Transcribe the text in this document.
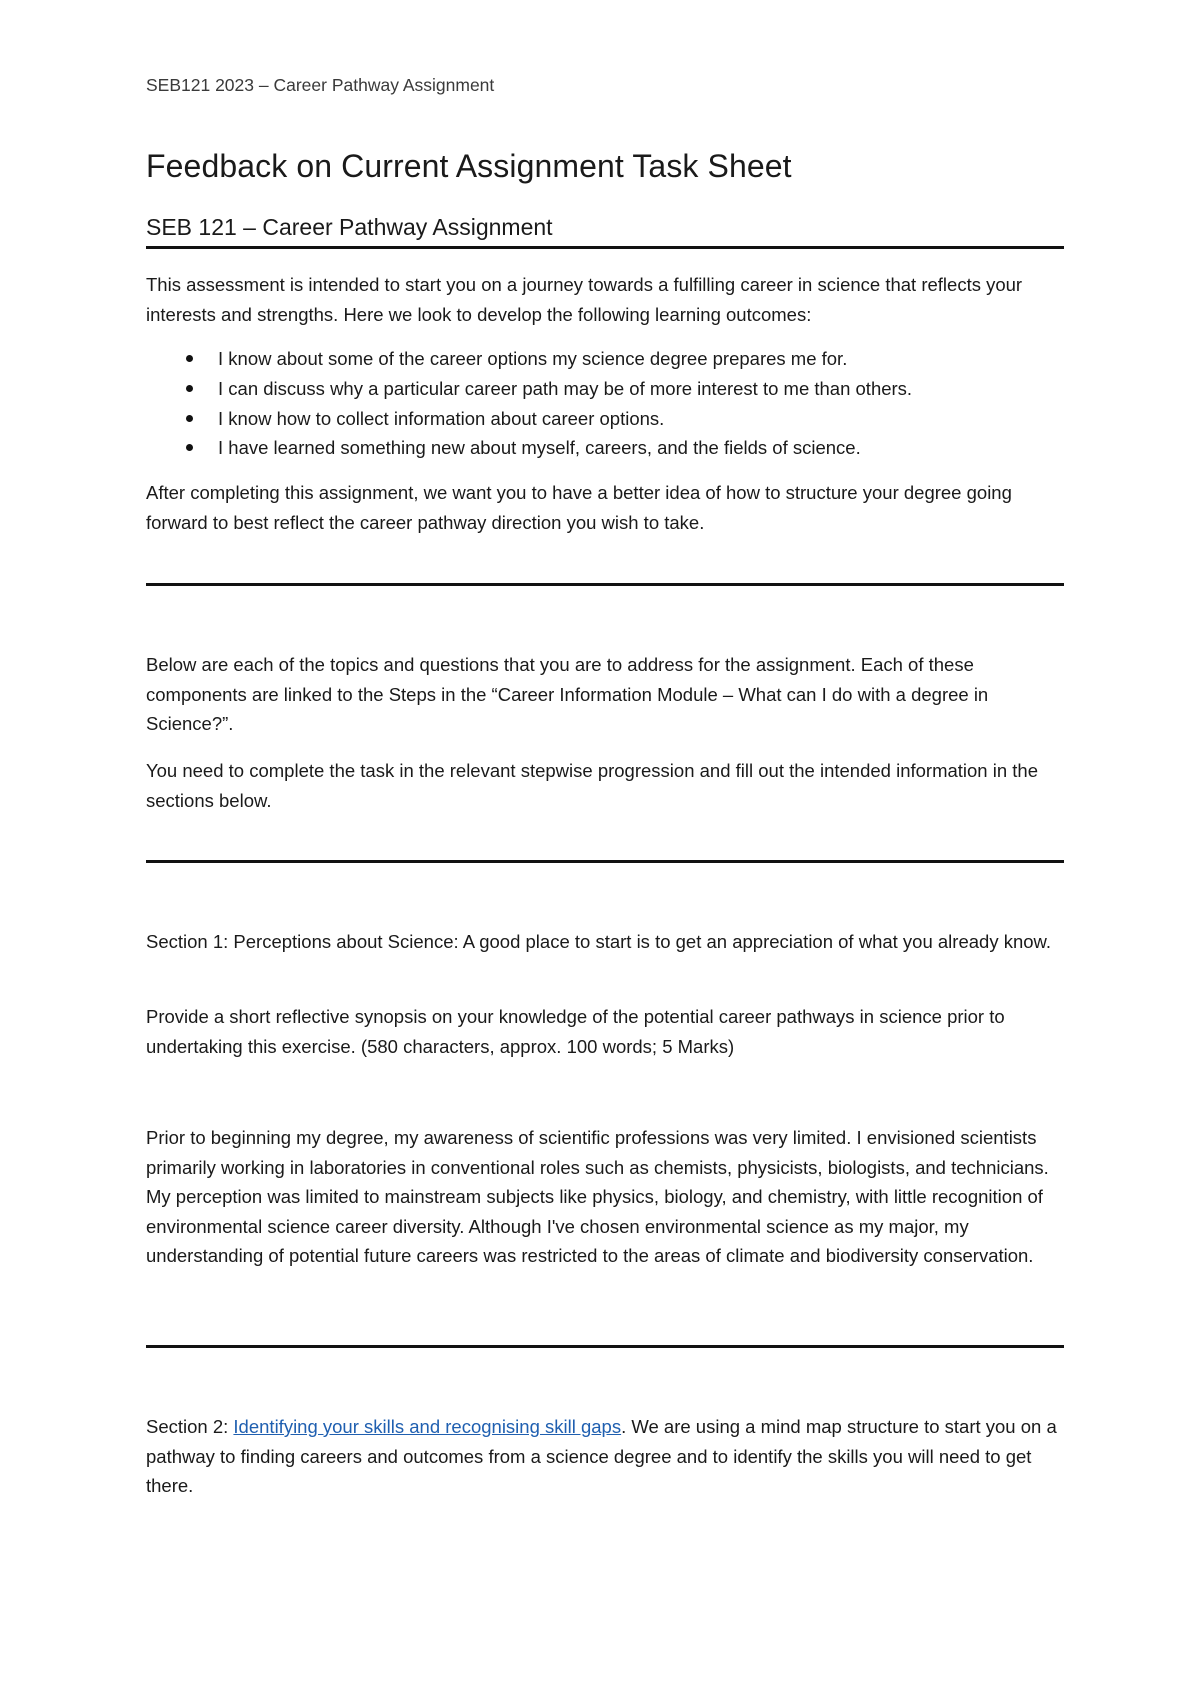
SEB121 2023 – Career Pathway Assignment
Feedback on Current Assignment Task Sheet
SEB 121 – Career Pathway Assignment

This assessment is intended to start you on a journey towards a fulfilling career in science that reflects your interests and strengths. Here we look to develop the following learning outcomes:

I know about some of the career options my science degree prepares me for.
I can discuss why a particular career path may be of more interest to me than others.
I know how to collect information about career options.
I have learned something new about myself, careers, and the fields of science.

After completing this assignment, we want you to have a better idea of how to structure your degree going forward to best reflect the career pathway direction you wish to take.

Below are each of the topics and questions that you are to address for the assignment. Each of these components are linked to the Steps in the “Career Information Module – What can I do with a degree in Science?”.

You need to complete the task in the relevant stepwise progression and fill out the intended information in the sections below.

Section 1: Perceptions about Science: A good place to start is to get an appreciation of what you already know.

Provide a short reflective synopsis on your knowledge of the potential career pathways in science prior to undertaking this exercise. (580 characters, approx. 100 words; 5 Marks)

Prior to beginning my degree, my awareness of scientific professions was very limited. I envisioned scientists primarily working in laboratories in conventional roles such as chemists, physicists, biologists, and technicians. My perception was limited to mainstream subjects like physics, biology, and chemistry, with little recognition of environmental science career diversity. Although I've chosen environmental science as my major, my understanding of potential future careers was restricted to the areas of climate and biodiversity conservation.

Section 2: Identifying your skills and recognising skill gaps. We are using a mind map structure to start you on a pathway to finding careers and outcomes from a science degree and to identify the skills you will need to get there.
